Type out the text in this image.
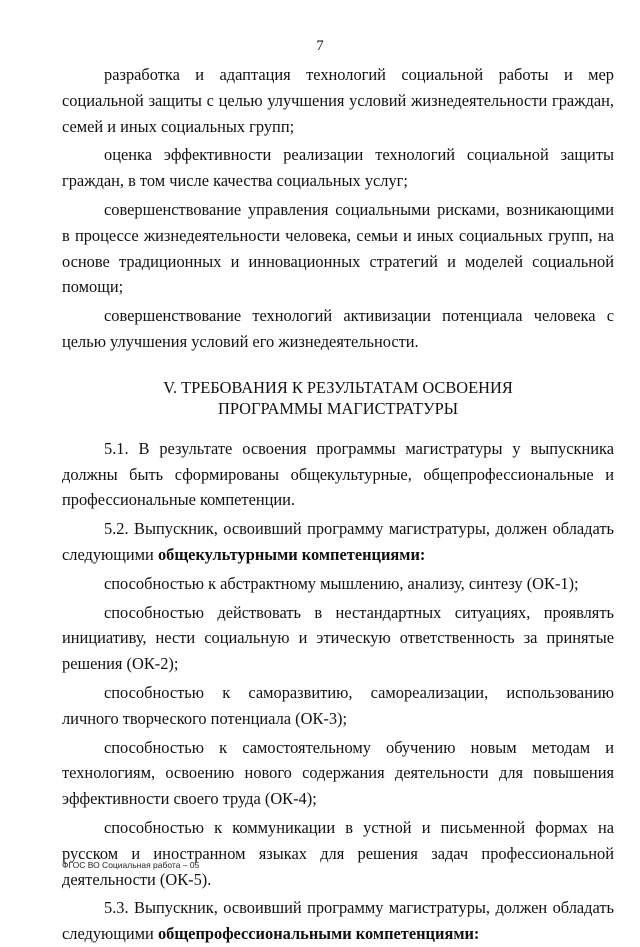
7

разработка и адаптация технологий социальной работы и мер социальной защиты с целью улучшения условий жизнедеятельности граждан, семей и иных социальных групп;

оценка эффективности реализации технологий социальной защиты граждан, в том числе качества социальных услуг;

совершенствование управления социальными рисками, возникающими в процессе жизнедеятельности человека, семьи и иных социальных групп, на основе традиционных и инновационных стратегий и моделей социальной помощи;

совершенствование технологий активизации потенциала человека с целью улучшения условий его жизнедеятельности.

V. ТРЕБОВАНИЯ К РЕЗУЛЬТАТАМ ОСВОЕНИЯ
ПРОГРАММЫ МАГИСТРАТУРЫ

5.1. В результате освоения программы магистратуры у выпускника должны быть сформированы общекультурные, общепрофессиональные и профессиональные компетенции.

5.2. Выпускник, освоивший программу магистратуры, должен обладать следующими общекультурными компетенциями:

способностью к абстрактному мышлению, анализу, синтезу (ОК-1);

способностью действовать в нестандартных ситуациях, проявлять инициативу, нести социальную и этическую ответственность за принятые решения (ОК-2);

способностью к саморазвитию, самореализации, использованию личного творческого потенциала (ОК-3);

способностью к самостоятельному обучению новым методам и технологиям, освоению нового содержания деятельности для повышения эффективности своего труда (ОК-4);

способностью к коммуникации в устной и письменной формах на русском и иностранном языках для решения задач профессиональной деятельности (ОК-5).

5.3. Выпускник, освоивший программу магистратуры, должен обладать следующими общепрофессиональными компетенциями:

ФГОС ВО Социальная работа – 05
